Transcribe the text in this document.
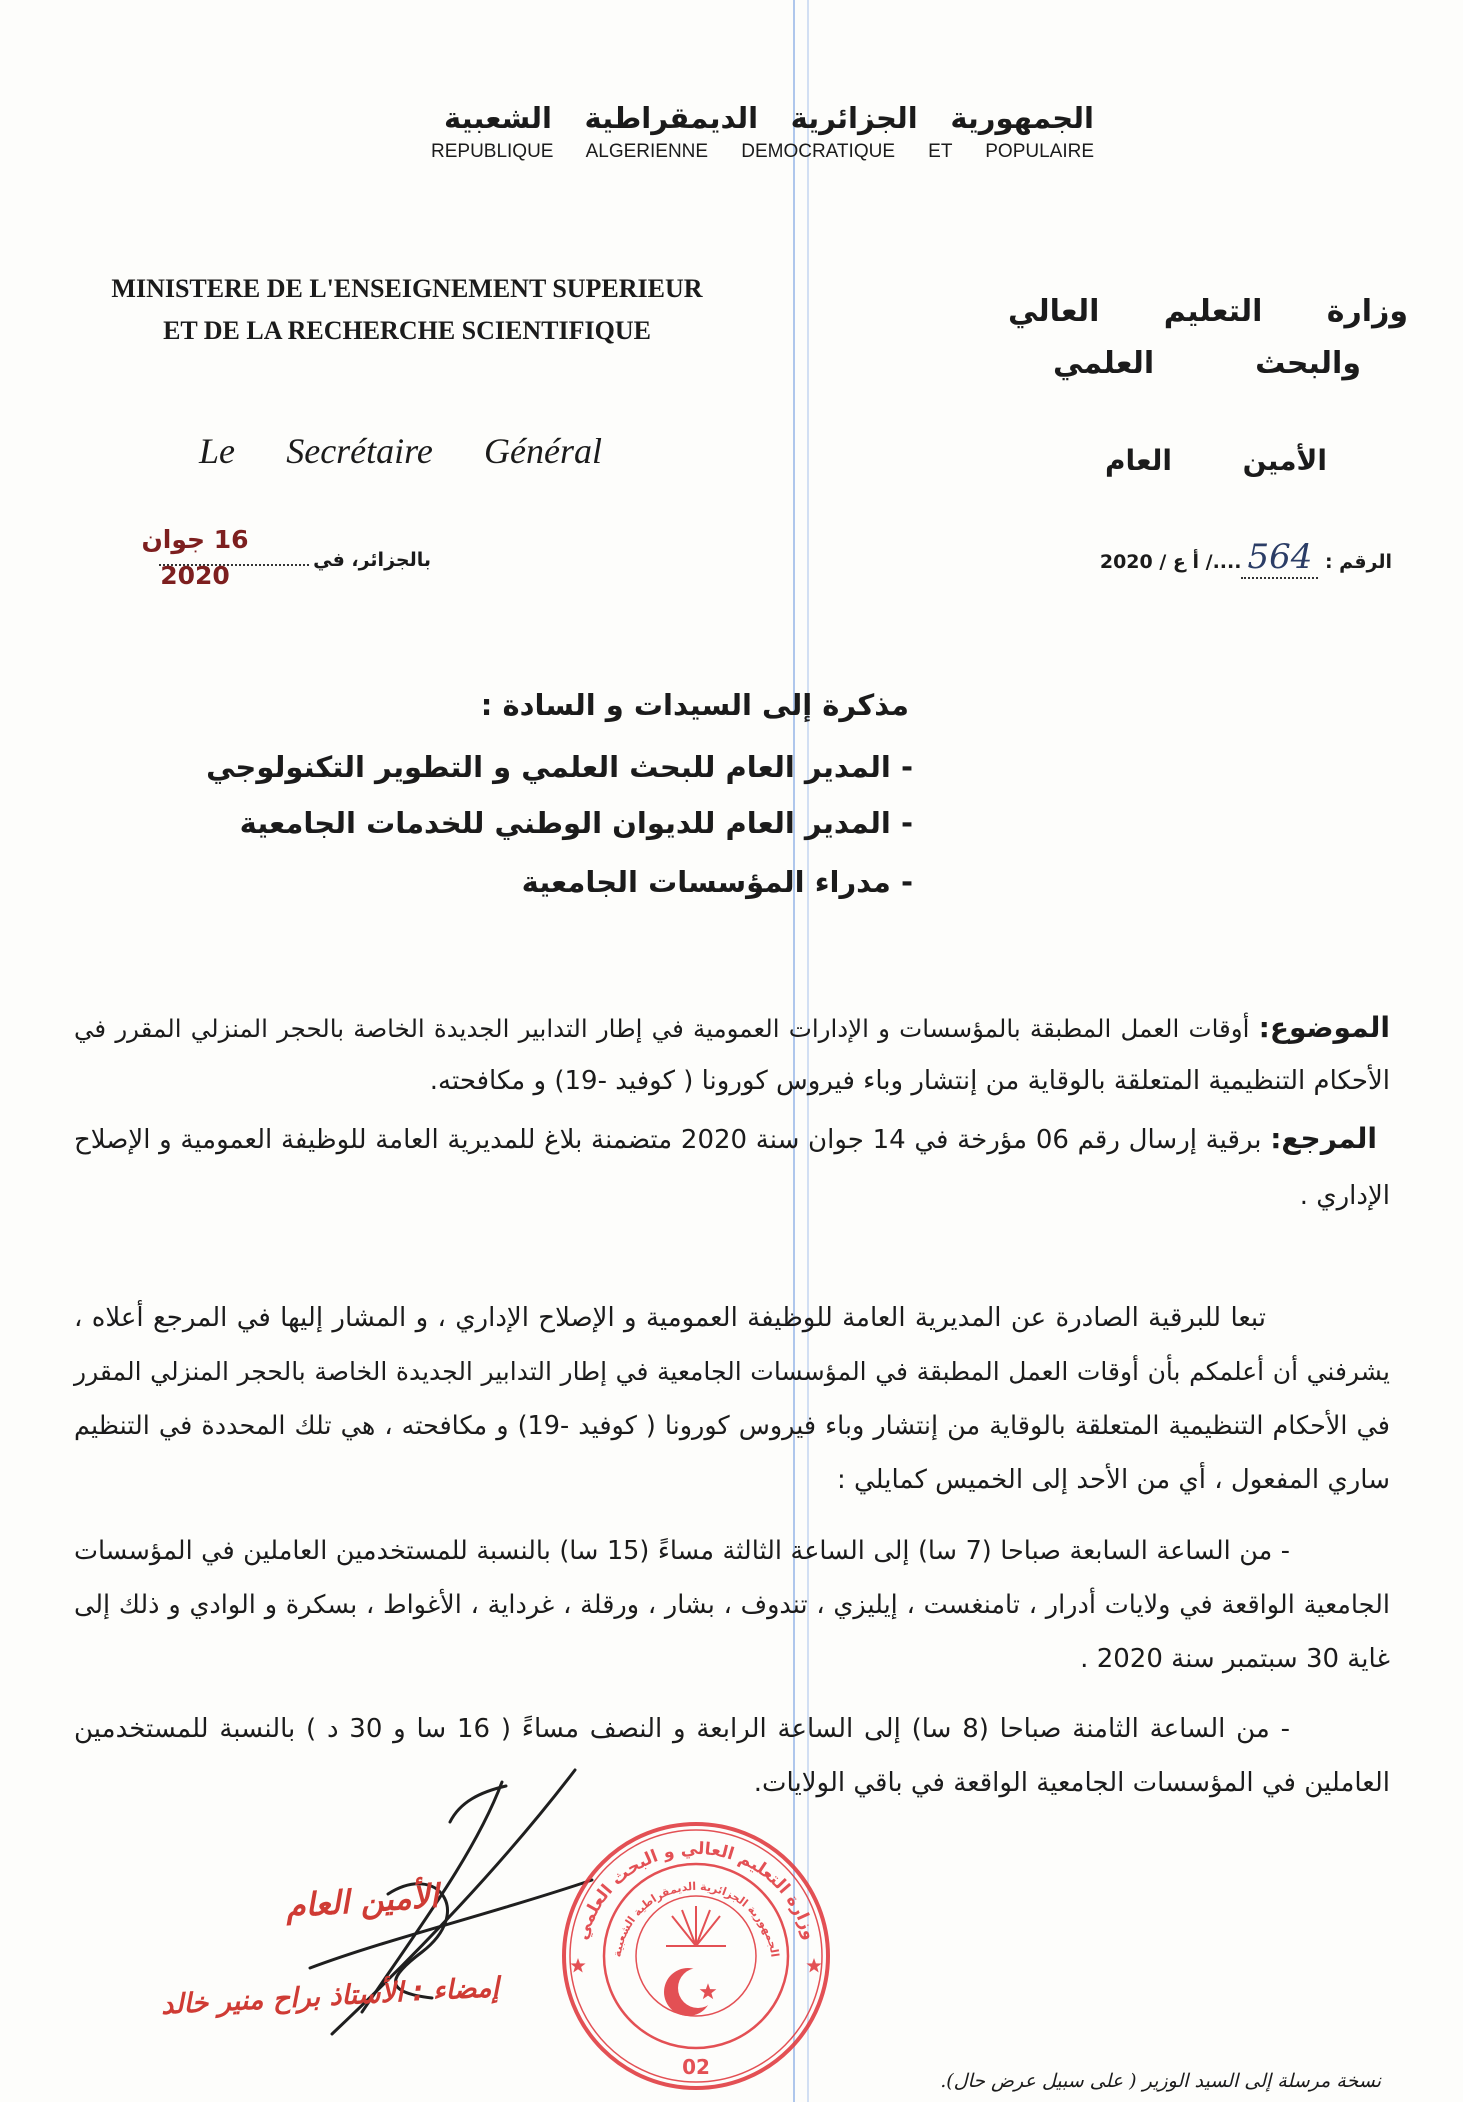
الجمهورية الجزائرية الديمقراطية الشعبية
REPUBLIQUE ALGERIENNE DEMOCRATIQUE ET POPULAIRE
MINISTERE DE L'ENSEIGNEMENT SUPERIEUR
ET DE LA RECHERCHE SCIENTIFIQUE
وزارة التعليم العالي
والبحث العلمي
Le Secrétaire Général	الأمين العام
بالجزائر، في
16 جوان 2020	الرقم : 564..../ أ ع / 2020
مذكرة إلى السيدات و السادة :
- المدير العام للبحث العلمي و التطوير التكنولوجي
- المدير العام للديوان الوطني للخدمات الجامعية
- مدراء المؤسسات الجامعية
الموضوع: أوقات العمل المطبقة بالمؤسسات و الإدارات العمومية في إطار التدابير الجديدة الخاصة بالحجر المنزلي المقرر في
الأحكام التنظيمية المتعلقة بالوقاية من إنتشار وباء فيروس كورونا ( كوفيد -19) و مكافحته.
المرجع: برقية إرسال رقم 06 مؤرخة في 14 جوان سنة 2020 متضمنة بلاغ للمديرية العامة للوظيفة العمومية و الإصلاح
الإداري .
تبعا للبرقية الصادرة عن المديرية العامة للوظيفة العمومية و الإصلاح الإداري ، و المشار إليها في المرجع أعلاه ،
يشرفني أن أعلمكم بأن أوقات العمل المطبقة في المؤسسات الجامعية في إطار التدابير الجديدة الخاصة بالحجر المنزلي المقرر
في الأحكام التنظيمية المتعلقة بالوقاية من إنتشار وباء فيروس كورونا ( كوفيد -19) و مكافحته ، هي تلك المحددة في التنظيم
ساري المفعول ، أي من الأحد إلى الخميس كمايلي :
- من الساعة السابعة صباحا (7 سا) إلى الساعة الثالثة مساءً (15 سا) بالنسبة للمستخدمين العاملين في المؤسسات
الجامعية الواقعة في ولايات أدرار ، تامنغست ، إيليزي ، تندوف ، بشار ، ورقلة ، غرداية ، الأغواط ، بسكرة و الوادي و ذلك إلى
غاية 30 سبتمبر سنة 2020 .
- من الساعة الثامنة صباحا (8 سا) إلى الساعة الرابعة و النصف مساءً ( 16 سا و 30 د ) بالنسبة للمستخدمين
العاملين في المؤسسات الجامعية الواقعة في باقي الولايات.
الأمين العام
إمضاء : الأستاذ براح منير خالد
وزارة التعليم العالي و البحث العلمي
الجمهورية الجزائرية الديمقراطية الشعبية
02
نسخة مرسلة إلى السيد الوزير ( على سبيل عرض حال).
